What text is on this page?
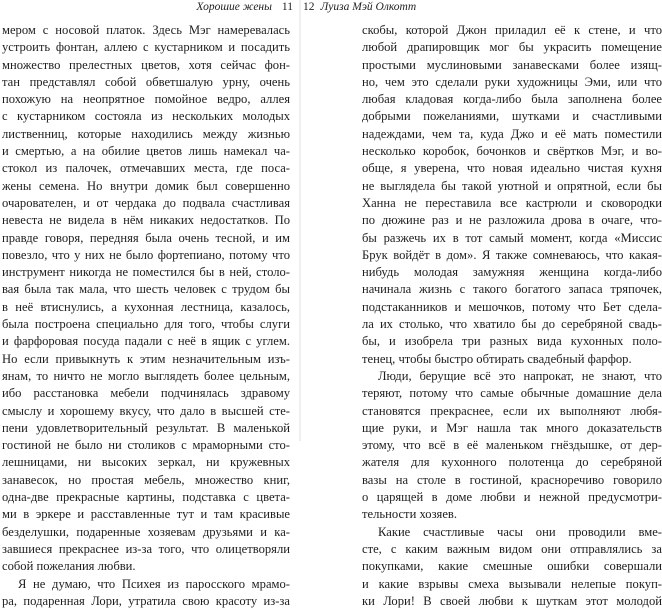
Хорошие жены 11
мером с носовой платок. Здесь Мэг намеревалась
устроить фонтан, аллею с кустарником и посадить
множество прелестных цветов, хотя сейчас фон-
тан представлял собой обветшалую урну, очень
похожую на неопрятное помойное ведро, аллея
с кустарником состояла из нескольких молодых
лиственниц, которые находились между жизнью
и смертью, а на обилие цветов лишь намекал ча-
стокол из палочек, отмечавших места, где поса-
жены семена. Но внутри домик был совершенно
очарователен, и от чердака до подвала счастливая
невеста не видела в нём никаких недостатков. По
правде говоря, передняя была очень тесной, и им
повезло, что у них не было фортепиано, потому что
инструмент никогда не поместился бы в ней, столо-
вая была так мала, что шесть человек с трудом бы
в неё втиснулись, а кухонная лестница, казалось,
была построена специально для того, чтобы слуги
и фарфоровая посуда падали с неё в ящик с углем.
Но если привыкнуть к этим незначительным изъ-
янам, то ничто не могло выглядеть более цельным,
ибо расстановка мебели подчинялась здравому
смыслу и хорошему вкусу, что дало в высшей сте-
пени удовлетворительный результат. В маленькой
гостиной не было ни столиков с мраморными сто-
лешницами, ни высоких зеркал, ни кружевных
занавесок, но простая мебель, множество книг,
одна-две прекрасные картины, подставка с цвета-
ми в эркере и расставленные тут и там красивые
безделушки, подаренные хозяевам друзьями и ка-
завшиеся прекраснее из-за того, что олицетворяли
собой пожелания любви.
Я не думаю, что Психея из паросского мрамо-
ра, подаренная Лори, утратила свою красоту из-за
12 Луиза Мэй Олкотт
скобы, которой Джон приладил её к стене, и что
любой драпировщик мог бы украсить помещение
простыми муслиновыми занавесками более изящ-
но, чем это сделали руки художницы Эми, или что
любая кладовая когда-либо была заполнена более
добрыми пожеланиями, шутками и счастливыми
надеждами, чем та, куда Джо и её мать поместили
несколько коробок, бочонков и свёртков Мэг, и во-
обще, я уверена, что новая идеально чистая кухня
не выглядела бы такой уютной и опрятной, если бы
Ханна не переставила все кастрюли и сковородки
по дюжине раз и не разложила дрова в очаге, что-
бы разжечь их в тот самый момент, когда «Миссис
Брук войдёт в дом». Я также сомневаюсь, что какая-
нибудь молодая замужняя женщина когда-либо
начинала жизнь с такого богатого запаса тряпочек,
подстаканников и мешочков, потому что Бет сдела-
ла их столько, что хватило бы до серебряной свадь-
бы, и изобрела три разных вида кухонных поло-
тенец, чтобы быстро обтирать свадебный фарфор.
Люди, берущие всё это напрокат, не знают, что
теряют, потому что самые обычные домашние дела
становятся прекраснее, если их выполняют любя-
щие руки, и Мэг нашла так много доказательств
этому, что всё в её маленьком гнёздышке, от дер-
жателя для кухонного полотенца до серебряной
вазы на столе в гостиной, красноречиво говорило
о царящей в доме любви и нежной предусмотри-
тельности хозяев.
Какие счастливые часы они проводили вме-
сте, с каким важным видом они отправлялись за
покупками, какие смешные ошибки совершали
и какие взрывы смеха вызывали нелепые покуп-
ки Лори! В своей любви к шуткам этот молодой
